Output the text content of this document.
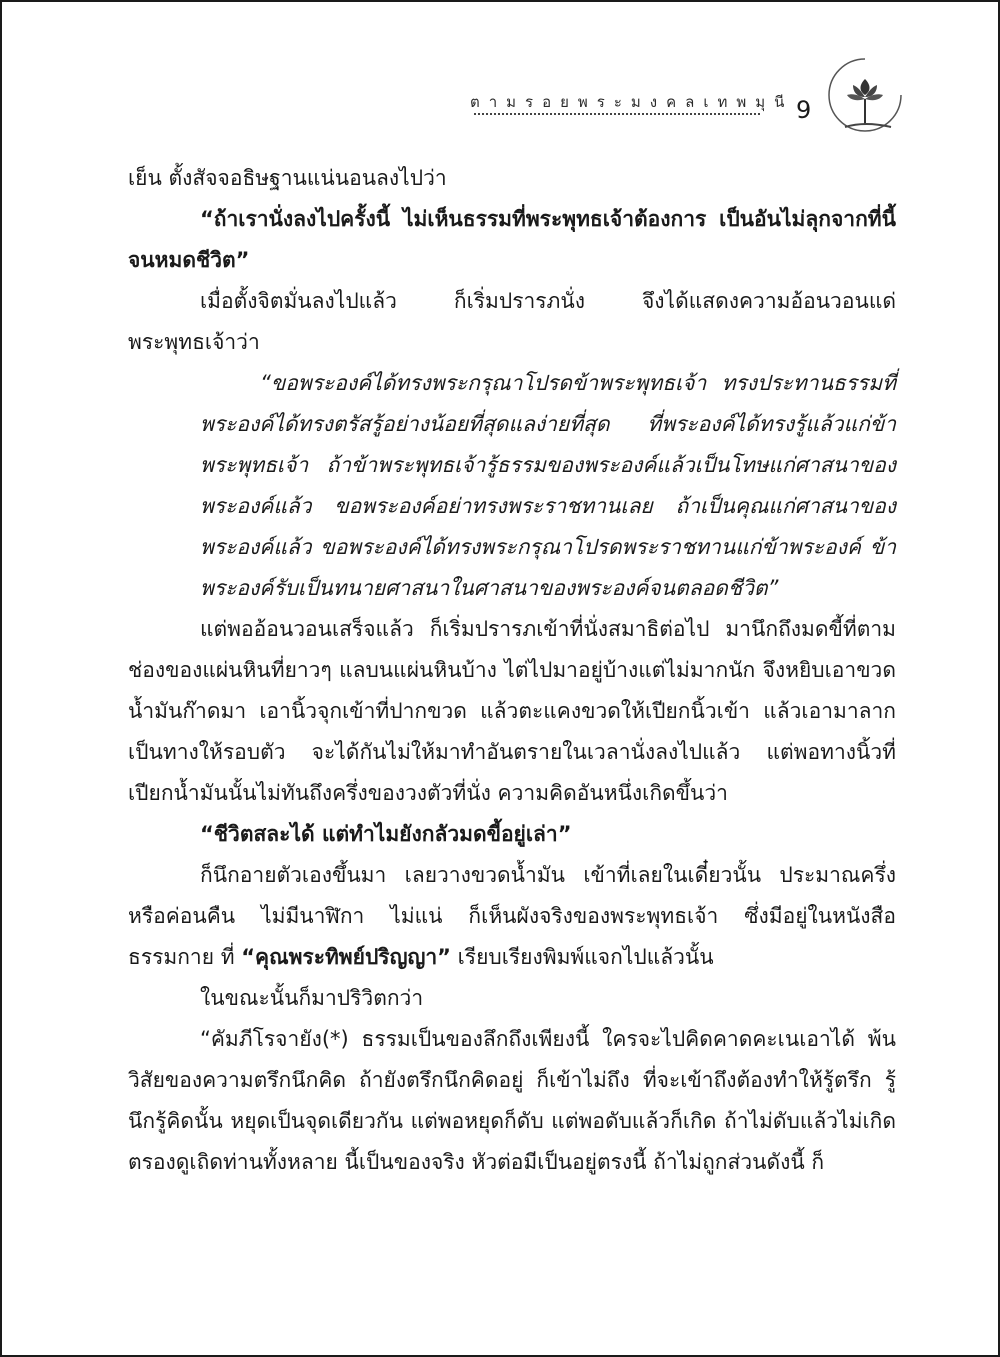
ตามรอยพระมงคลเทพมุนี 9

เย็น ตั้งสัจจอธิษฐานแน่นอนลงไปว่า

“ถ้าเรานั่งลงไปครั้งนี้ ไม่เห็นธรรมที่พระพุทธเจ้าต้องการ เป็นอันไม่ลุกจากที่นี้จนหมดชีวิต”

เมื่อตั้งจิตมั่นลงไปแล้ว ก็เริ่มปรารภนั่ง จึงได้แสดงความอ้อนวอนแด่พระพุทธเจ้าว่า

“ขอพระองค์ได้ทรงพระกรุณาโปรดข้าพระพุทธเจ้า ทรงประทานธรรมที่พระองค์ได้ทรงตรัสรู้อย่างน้อยที่สุดแลง่ายที่สุด ที่พระองค์ได้ทรงรู้แล้วแก่ข้าพระพุทธเจ้า ถ้าข้าพระพุทธเจ้ารู้ธรรมของพระองค์แล้วเป็นโทษแก่ศาสนาของพระองค์แล้ว ขอพระองค์อย่าทรงพระราชทานเลย ถ้าเป็นคุณแก่ศาสนาของพระองค์แล้ว ขอพระองค์ได้ทรงพระกรุณาโปรดพระราชทานแก่ข้าพระองค์ ข้าพระองค์รับเป็นทนายศาสนาในศาสนาของพระองค์จนตลอดชีวิต”

แต่พออ้อนวอนเสร็จแล้ว ก็เริ่มปรารภเข้าที่นั่งสมาธิต่อไป มานึกถึงมดขี้ที่ตามช่องของแผ่นหินที่ยาวๆ แลบนแผ่นหินบ้าง ไต่ไปมาอยู่บ้างแต่ไม่มากนัก จึงหยิบเอาขวดน้ำมันก๊าดมา เอานิ้วจุกเข้าที่ปากขวด แล้วตะแคงขวดให้เปียกนิ้วเข้า แล้วเอามาลากเป็นทางให้รอบตัว จะได้กันไม่ให้มาทำอันตรายในเวลานั่งลงไปแล้ว แต่พอทางนิ้วที่เปียกน้ำมันนั้นไม่ทันถึงครึ่งของวงตัวที่นั่ง ความคิดอันหนึ่งเกิดขึ้นว่า

“ชีวิตสละได้ แต่ทำไมยังกลัวมดขี้อยู่เล่า”

ก็นึกอายตัวเองขึ้นมา เลยวางขวดน้ำมัน เข้าที่เลยในเดี๋ยวนั้น ประมาณครึ่งหรือค่อนคืน ไม่มีนาฬิกา ไม่แน่ ก็เห็นผังจริงของพระพุทธเจ้า ซึ่งมีอยู่ในหนังสือธรรมกาย ที่ “คุณพระทิพย์ปริญญา” เรียบเรียงพิมพ์แจกไปแล้วนั้น

ในขณะนั้นก็มาปริวิตกว่า

“คัมภีโรจายัง(*) ธรรมเป็นของลึกถึงเพียงนี้ ใครจะไปคิดคาดคะเนเอาได้ พ้นวิสัยของความตรึกนึกคิด ถ้ายังตรึกนึกคิดอยู่ ก็เข้าไม่ถึง ที่จะเข้าถึงต้องทำให้รู้ตรึก รู้นึกรู้คิดนั้น หยุดเป็นจุดเดียวกัน แต่พอหยุดก็ดับ แต่พอดับแล้วก็เกิด ถ้าไม่ดับแล้วไม่เกิด ตรองดูเถิดท่านทั้งหลาย นี้เป็นของจริง หัวต่อมีเป็นอยู่ตรงนี้ ถ้าไม่ถูกส่วนดังนี้ ก็
